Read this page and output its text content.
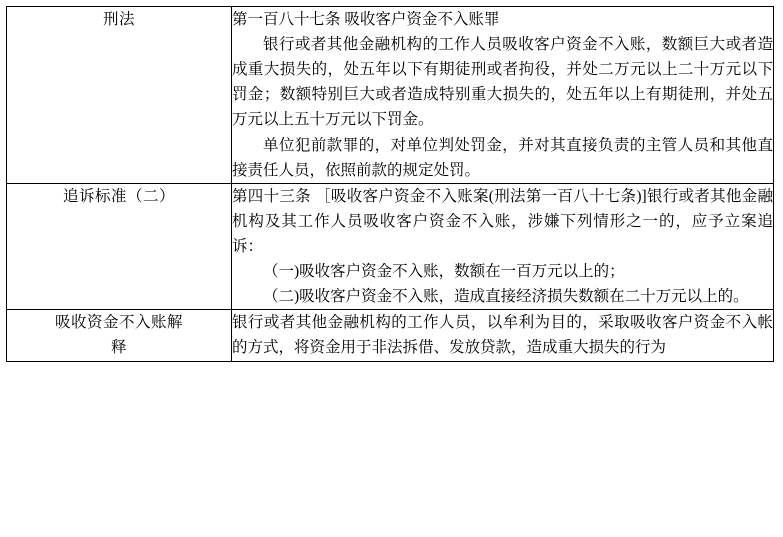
刑法	第一百八十七条 吸收客户资金不入账罪

银行或者其他金融机构的工作人员吸收客户资金不入账，数额巨大或者造成重大损失的，处五年以下有期徒刑或者拘役，并处二万元以上二十万元以下罚金；数额特别巨大或者造成特别重大损失的，处五年以上有期徒刑，并处五万元以上五十万元以下罚金。

单位犯前款罪的，对单位判处罚金，并对其直接负责的主管人员和其他直接责任人员，依照前款的规定处罚。

追诉标准（二）	第四十三条 ［吸收客户资金不入账案(刑法第一百八十七条)]银行或者其他金融机构及其工作人员吸收客户资金不入账，涉嫌下列情形之一的，应予立案追诉：

（一)吸收客户资金不入账，数额在一百万元以上的；

（二)吸收客户资金不入账，造成直接经济损失数额在二十万元以上的。

吸收资金不入账解
释	银行或者其他金融机构的工作人员，以牟利为目的，采取吸收客户资金不入帐的方式，将资金用于非法拆借、发放贷款，造成重大损失的行为
